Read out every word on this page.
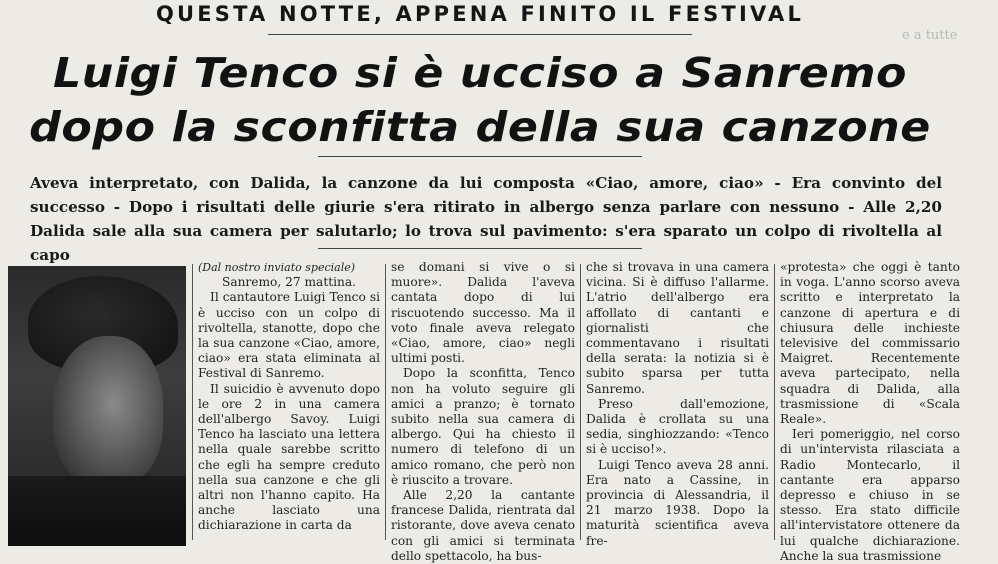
QUESTA NOTTE, APPENA FINITO IL FESTIVAL
Luigi Tenco si è ucciso a Sanremo
dopo la sconfitta della sua canzone
Aveva interpretato, con Dalida, la canzone da lui composta «Ciao, amore, ciao» - Era convinto del
successo - Dopo i risultati delle giurie s'era ritirato in albergo senza parlare con nessuno - Alle 2,20
Dalida sale alla sua camera per salutarlo; lo trova sul pavimento: s'era sparato un colpo di rivoltella al capo
e a tutte

(Dal nostro inviato speciale)

Sanremo, 27 mattina.

Il cantautore Luigi Tenco si è ucciso con un colpo di rivoltella, stanotte, dopo che la sua canzone «Ciao, amore, ciao» era stata eliminata al Festival di Sanremo.

Il suicidio è avvenuto dopo le ore 2 in una camera dell'albergo Savoy. Luigi Tenco ha lasciato una lettera nella quale sarebbe scritto che egli ha sempre creduto nella sua canzone e che gli altri non l'hanno capito. Ha anche lasciato una dichiarazione in carta da

se domani si vive o si muore». Dalida l'aveva cantata dopo di lui riscuotendo successo. Ma il voto finale aveva relegato «Ciao, amore, ciao» negli ultimi posti.

Dopo la sconfitta, Tenco non ha voluto seguire gli amici a pranzo; è tornato subito nella sua camera di albergo. Qui ha chiesto il numero di telefono di un amico romano, che però non è riuscito a trovare.

Alle 2,20 la cantante francese Dalida, rientrata dal ristorante, dove aveva cenato con gli amici si terminata dello spettacolo, ha bus-

che si trovava in una camera vicina. Si è diffuso l'allarme. L'atrio dell'albergo era affollato di cantanti e giornalisti che commentavano i risultati della serata: la notizia si è subito sparsa per tutta Sanremo.

Preso dall'emozione, Dalida è crollata su una sedia, singhiozzando: «Tenco si è ucciso!».

Luigi Tenco aveva 28 anni. Era nato a Cassine, in provincia di Alessandria, il 21 marzo 1938. Dopo la maturità scientifica aveva fre-

«protesta» che oggi è tanto in voga. L'anno scorso aveva scritto e interpretato la canzone di apertura e di chiusura delle inchieste televisive del commissario Maigret. Recentemente aveva partecipato, nella squadra di Dalida, alla trasmissione di «Scala Reale».

Ieri pomeriggio, nel corso di un'intervista rilasciata a Radio Montecarlo, il cantante era apparso depresso e chiuso in se stesso. Era stato difficile all'intervistatore ottenere da lui qualche dichiarazione. Anche la sua trasmissione
